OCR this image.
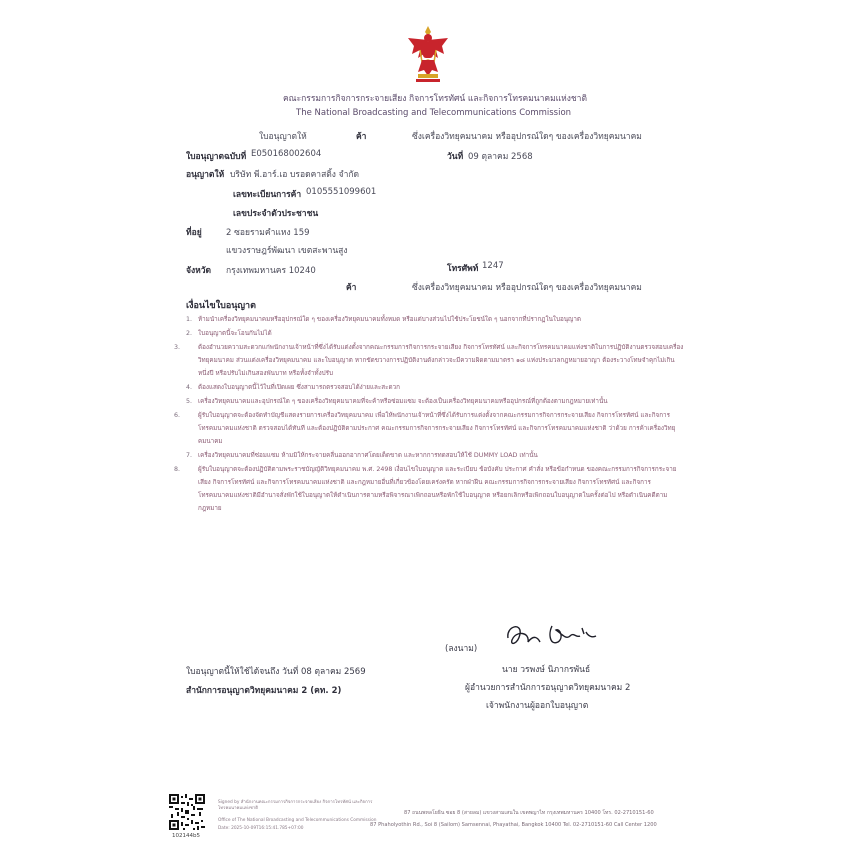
คณะกรรมการกิจการกระจายเสียง กิจการโทรทัศน์ และกิจการโทรคมนาคมแห่งชาติ
The National Broadcasting and Telecommunications Commission
ใบอนุญาตให้	ค้า	ซึ่งเครื่องวิทยุคมนาคม หรืออุปกรณ์ใดๆ ของเครื่องวิทยุคมนาคม
ใบอนุญาตฉบับที่ E050168002604	วันที่ 09 ตุลาคม 2568
อนุญาตให้ บริษัท พี.อาร์.เอ บรอดคาสติ้ง จำกัด
เลขทะเบียนการค้า 0105551099601
เลขประจำตัวประชาชน
ที่อยู่	2 ซอยรามคำแหง 159
แขวงราษฎร์พัฒนา เขตสะพานสูง
จังหวัด กรุงเทพมหานคร 10240	โทรศัพท์ 1247
ค้า	ซึ่งเครื่องวิทยุคมนาคม หรืออุปกรณ์ใดๆ ของเครื่องวิทยุคมนาคม
เงื่อนไขใบอนุญาต
1. ห้ามนำเครื่องวิทยุคมนาคมหรืออุปกรณ์ใด ๆ ของเครื่องวิทยุคมนาคมทั้งหมด หรือแต่บางส่วนไปใช้ประโยชน์ใด ๆ นอกจากที่ปรากฏในใบอนุญาต
2. ใบอนุญาตนี้จะโอนกันไม่ได้
3.	ต้องอำนวยความสะดวกแก่พนักงานเจ้าหน้าที่ซึ่งได้รับแต่งตั้งจากคณะกรรมการกิจการกระจายเสียง กิจการโทรทัศน์ และกิจการโทรคมนาคมแห่งชาติในการปฏิบัติงานตรวจสอบเครื่องวิทยุคมนาคม ส่วนแต่งเครื่องวิทยุคมนาคม และใบอนุญาต หากขัดขวางการปฏิบัติงานดังกล่าวจะมีความผิดตามมาตรา ๑๘ แห่งประมวลกฎหมายอาญา ต้องระวางโทษจำคุกไม่เกินหนึ่งปี หรือปรับไม่เกินสองพันบาท หรือทั้งจำทั้งปรับ
4. ต้องแสดงใบอนุญาตนี้ไว้ในที่เปิดเผย ซึ่งสามารถตรวจสอบได้ง่ายและสะดวก
5. เครื่องวิทยุคมนาคมและอุปกรณ์ใด ๆ ของเครื่องวิทยุคมนาคมที่จะค้าหรือซ่อมแซม จะต้องเป็นเครื่องวิทยุคมนาคมหรืออุปกรณ์ที่ถูกต้องตามกฎหมายเท่านั้น
6.	ผู้รับใบอนุญาตจะต้องจัดทำบัญชีแสดงรายการเครื่องวิทยุคมนาคม เพื่อให้พนักงานเจ้าหน้าที่ซึ่งได้รับการแต่งตั้งจากคณะกรรมการกิจการกระจายเสียง กิจการโทรทัศน์ และกิจการโทรคมนาคมแห่งชาติ ตรวจสอบได้ทันที และต้องปฏิบัติตามประกาศ คณะกรรมการกิจการกระจายเสียง กิจการโทรทัศน์ และกิจการโทรคมนาคมแห่งชาติ ว่าด้วย การค้าเครื่องวิทยุคมนาคม
7. เครื่องวิทยุคมนาคมที่ซ่อมแซม ห้ามมิให้กระจายคลื่นออกอากาศโดยเด็ดขาด และหากการทดสอบให้ใช้ DUMMY LOAD เท่านั้น
8.	ผู้รับใบอนุญาตจะต้องปฏิบัติตามพระราชบัญญัติวิทยุคมนาคม พ.ศ. 2498 เงื่อนไขใบอนุญาต และระเบียบ ข้อบังคับ ประกาศ คำสั่ง หรือข้อกำหนด ของคณะกรรมการกิจการกระจายเสียง กิจการโทรทัศน์ และกิจการโทรคมนาคมแห่งชาติ และกฎหมายอื่นที่เกี่ยวข้องโดยเคร่งครัด หากฝ่าฝืน คณะกรรมการกิจการกระจายเสียง กิจการโทรทัศน์ และกิจการโทรคมนาคมแห่งชาติมีอำนาจสั่งพักใช้ใบอนุญาตให้ดำเนินการตามหรือพิจารณาเพิกถอนหรือพักใช้ใบอนุญาต หรือยกเลิกหรือเพิกถอนใบอนุญาตในครั้งต่อไป หรือดำเนินคดีตามกฎหมาย
(ลงนาม)
นาย วรพงษ์ นิภากรพันธ์
ผู้อำนวยการสำนักการอนุญาตวิทยุคมนาคม 2
เจ้าพนักงานผู้ออกใบอนุญาต
ใบอนุญาตนี้ให้ใช้ได้จนถึง วันที่ 08 ตุลาคม 2569
สำนักการอนุญาตวิทยุคมนาคม 2 (คท. 2)
102144b5
Signed by สำนักงานคณะกรรมการกิจการกระจายเสียง กิจการโทรทัศน์ และกิจการโทรคมนาคมแห่งชาติ
Office of The National Broadcasting and Telecommunications Commission
Date: 2025-10-09T16:15:41.785+07:00
87 ถนนพหลโยธิน ซอย 8 (สายลม) แขวงสามเสนใน เขตพญาไท กรุงเทพมหานคร 10400 โทร. 02-2710151-60
87 Phaholyothin Rd., Soi 8 (Sailom) Samsennai, Phayathai, Bangkok 10400 Tel. 02-2710151-60 Call Center 1200
